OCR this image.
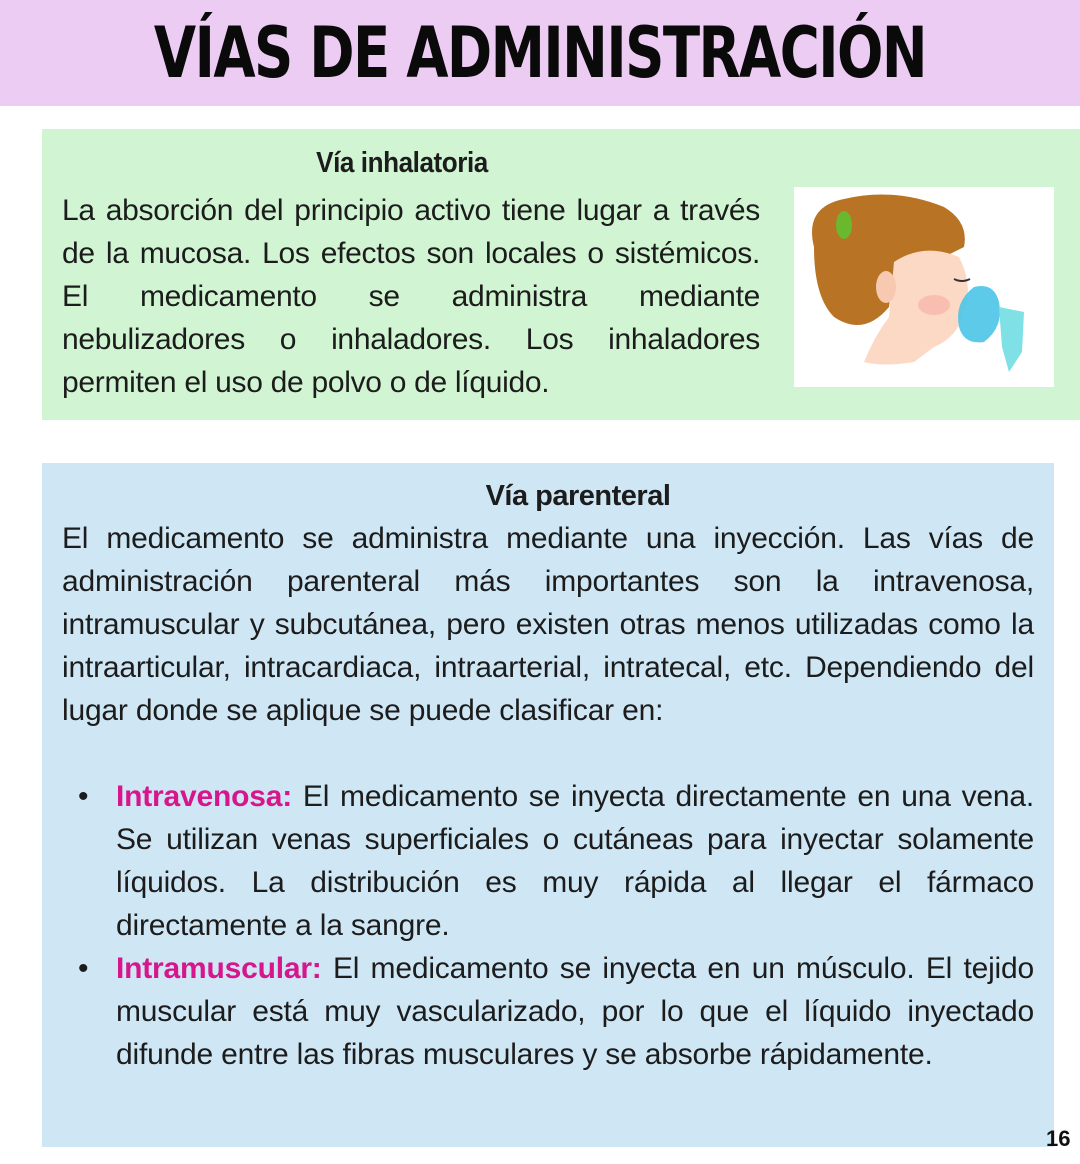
VÍAS DE ADMINISTRACIÓN
Vía inhalatoria
La absorción del principio activo tiene lugar a través de la mucosa. Los efectos son locales o sistémicos. El medicamento se administra mediante nebulizadores o inhaladores. Los inhaladores permiten el uso de polvo o de líquido.
Vía parenteral
El medicamento se administra mediante una inyección. Las vías de administración parenteral más importantes son la intravenosa, intramuscular y subcutánea, pero existen otras menos utilizadas como la intraarticular, intracardiaca, intraarterial, intratecal, etc. Dependiendo del lugar donde se aplique se puede clasificar en:
• Intravenosa: El medicamento se inyecta directamente en una vena. Se utilizan venas superficiales o cutáneas para inyectar solamente líquidos. La distribución es muy rápida al llegar el fármaco directamente a la sangre.
• Intramuscular: El medicamento se inyecta en un músculo. El tejido muscular está muy vascularizado, por lo que el líquido inyectado difunde entre las fibras musculares y se absorbe rápidamente.
16
